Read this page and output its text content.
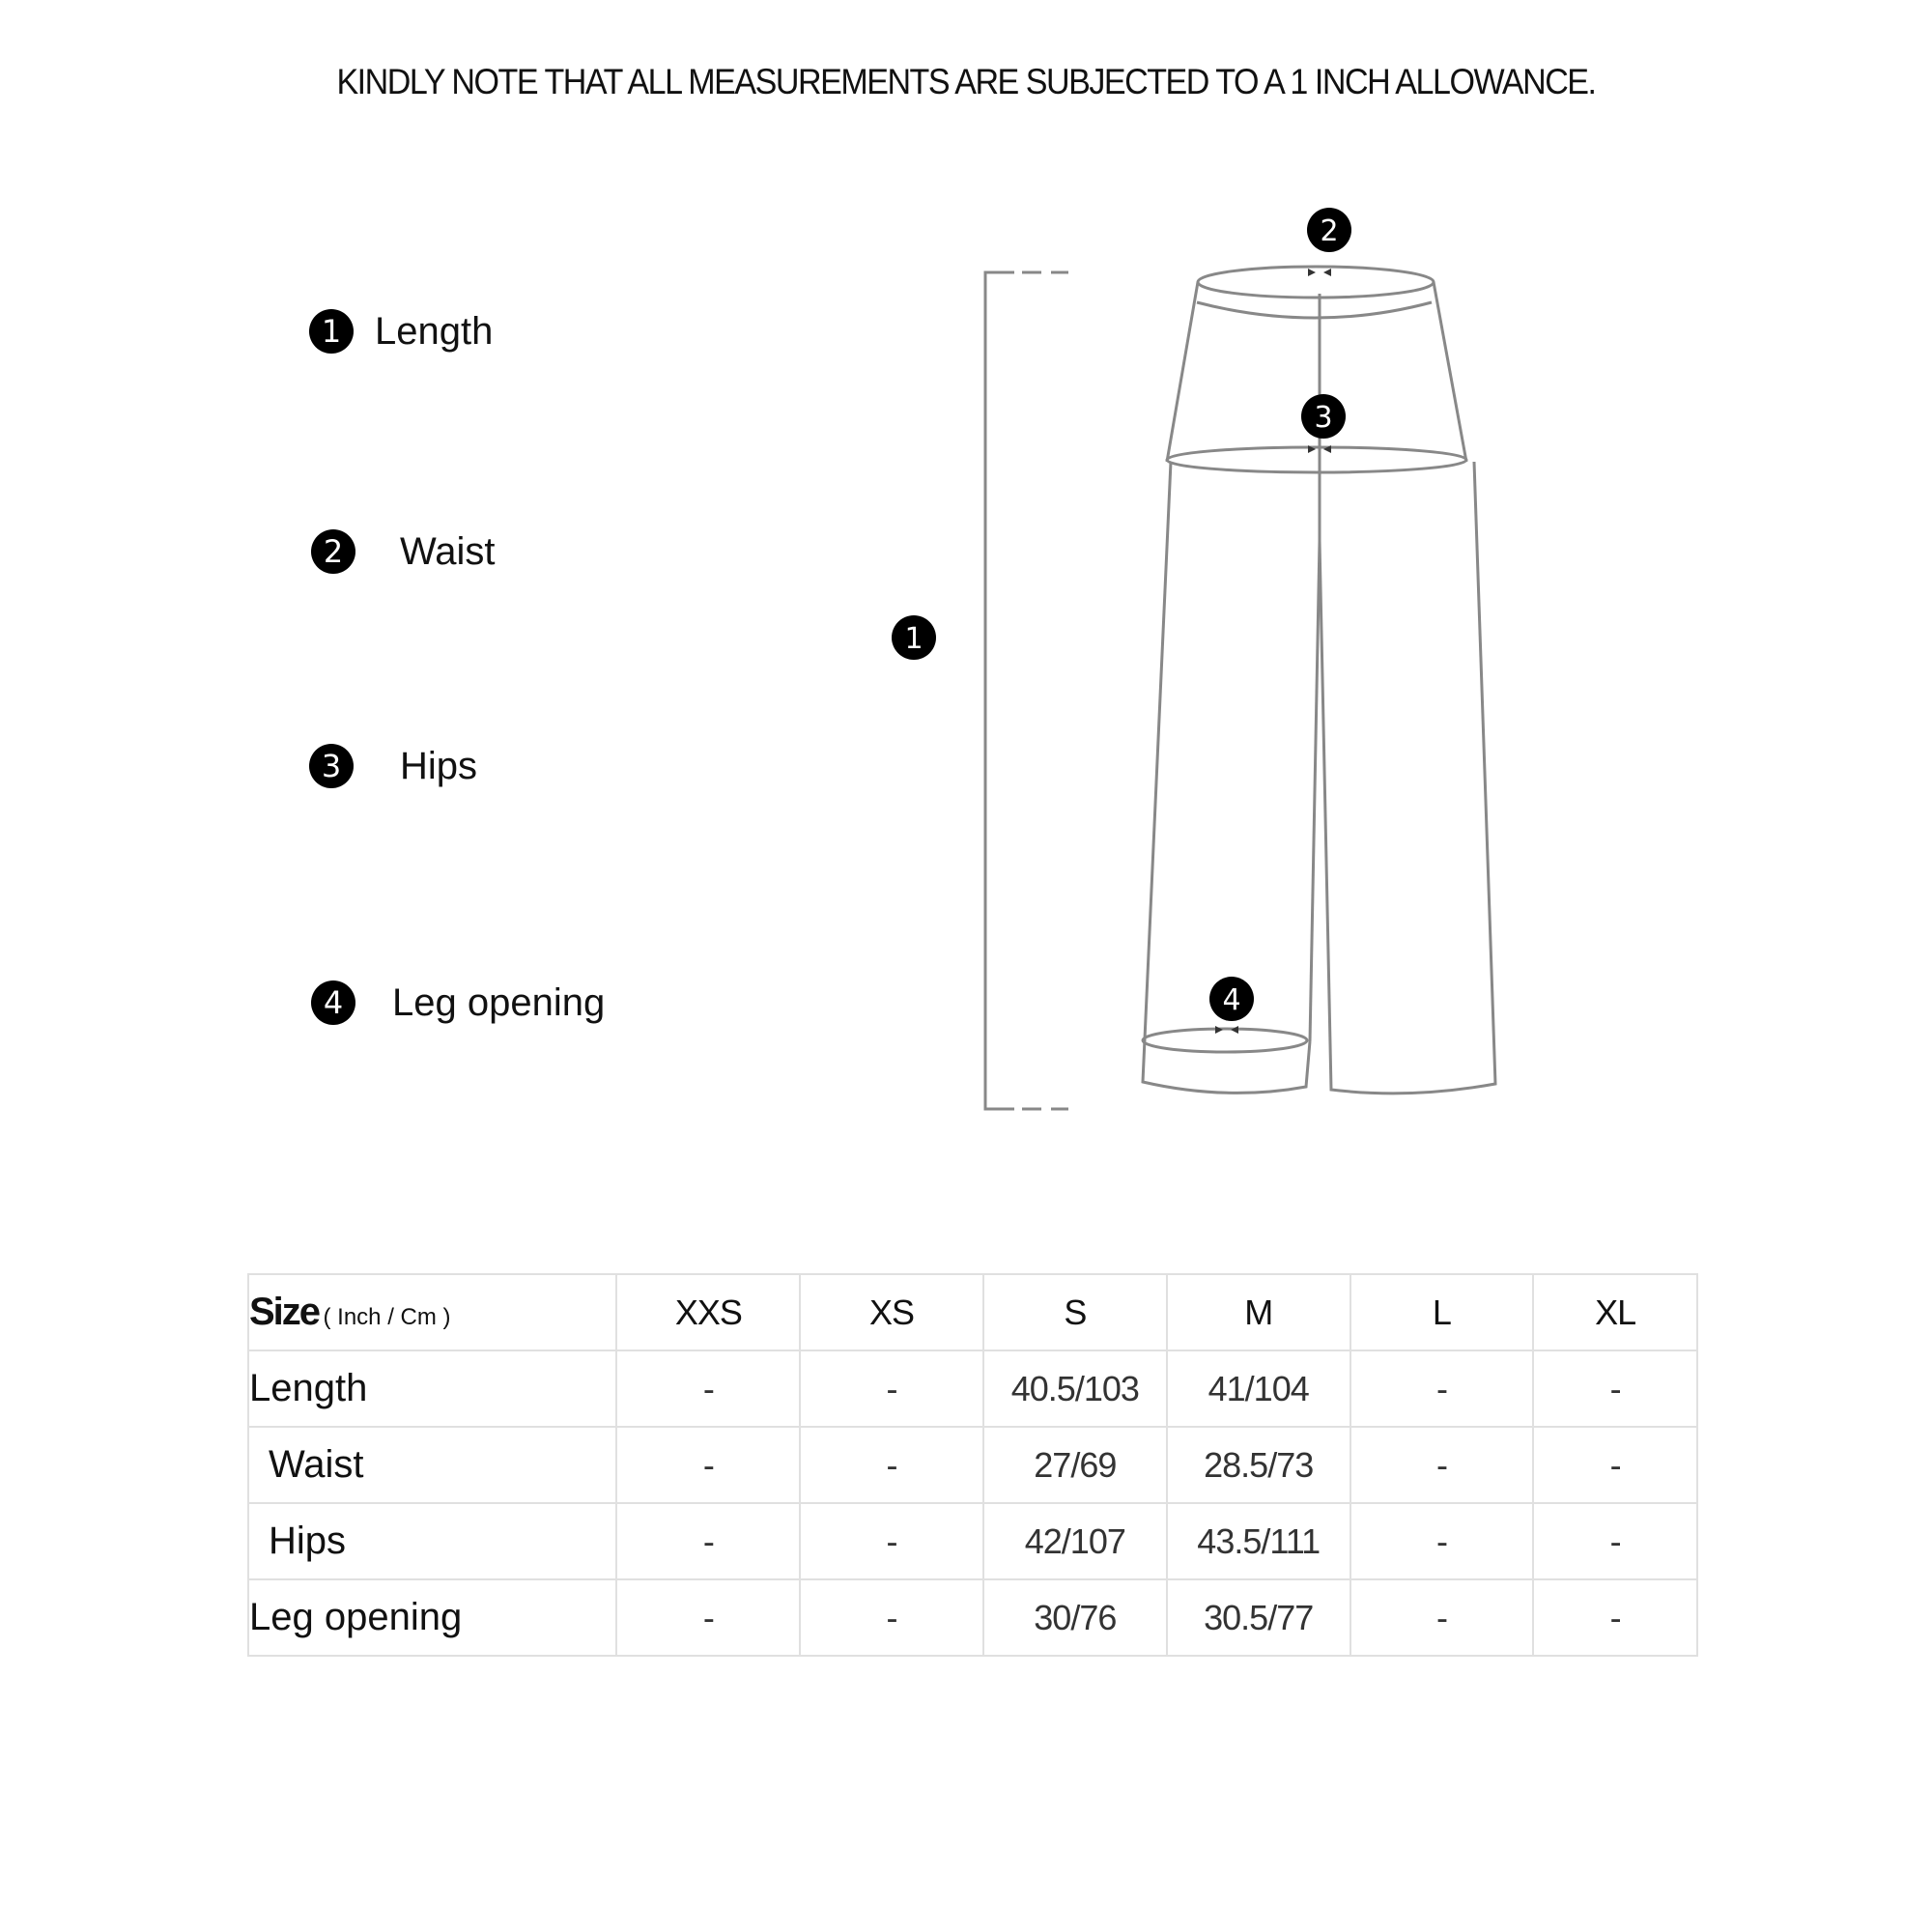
KINDLY NOTE THAT ALL MEASUREMENTS ARE SUBJECTED TO A 1 INCH ALLOWANCE.
1 Length
2	Waist
3	Hips
4	Leg opening
1
2
3
4
Size ( Inch / Cm )	XXS	XS	S	M	L	XL
Length	-	-	40.5/103	41/104	-	-
Waist	-	-	27/69	28.5/73	-	-
Hips	-	-	42/107	43.5/111	-	-
Leg opening	-	-	30/76	30.5/77	-	-
